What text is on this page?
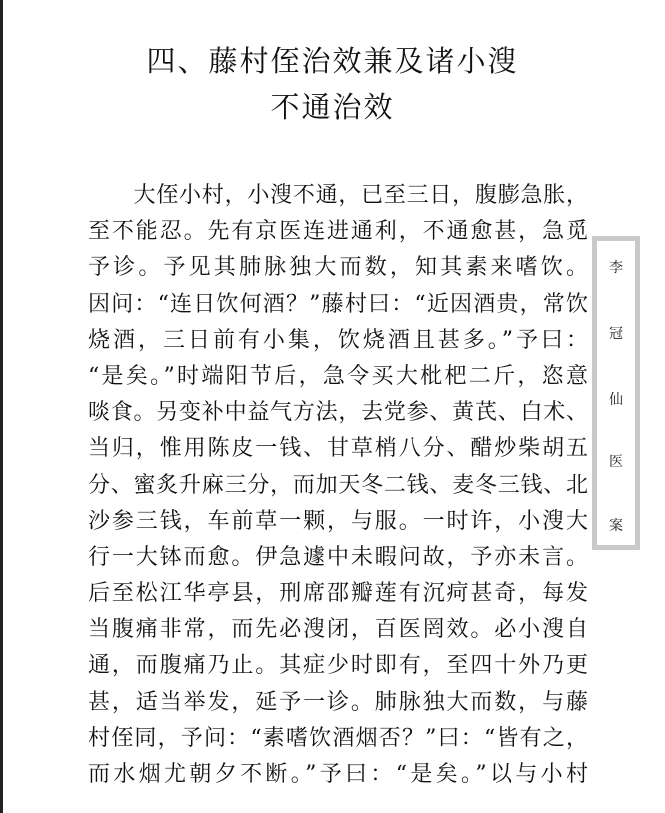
四、藤村侄治效兼及诸小溲
不通治效
　　大侄小村，小溲不通，已至三日，腹膨急胀，
至不能忍。先有京医连进通利，不通愈甚，急觅
予诊。予见其肺脉独大而数，知其素来嗜饮。
因问：“连日饮何酒？”藤村曰：“近因酒贵，常饮
烧酒，三日前有小集，饮烧酒且甚多。”予曰：
“是矣。”时端阳节后，急令买大枇杷二斤，恣意
啖食。另变补中益气方法，去党参、黄芪、白术、
当归，惟用陈皮一钱、甘草梢八分、醋炒柴胡五
分、蜜炙升麻三分，而加天冬二钱、麦冬三钱、北
沙参三钱，车前草一颗，与服。一时许，小溲大
行一大钵而愈。伊急遽中未暇问故，予亦未言。
后至松江华亭县，刑席邵瓣莲有沉疴甚奇，每发
当腹痛非常，而先必溲闭，百医罔效。必小溲自
通，而腹痛乃止。其症少时即有，至四十外乃更
甚，适当举发，延予一诊。肺脉独大而数，与藤
村侄同，予问：“素嗜饮酒烟否？”曰：“皆有之，
而水烟尤朝夕不断。”予曰：“是矣。”以与小村
李
冠
仙
医
案
